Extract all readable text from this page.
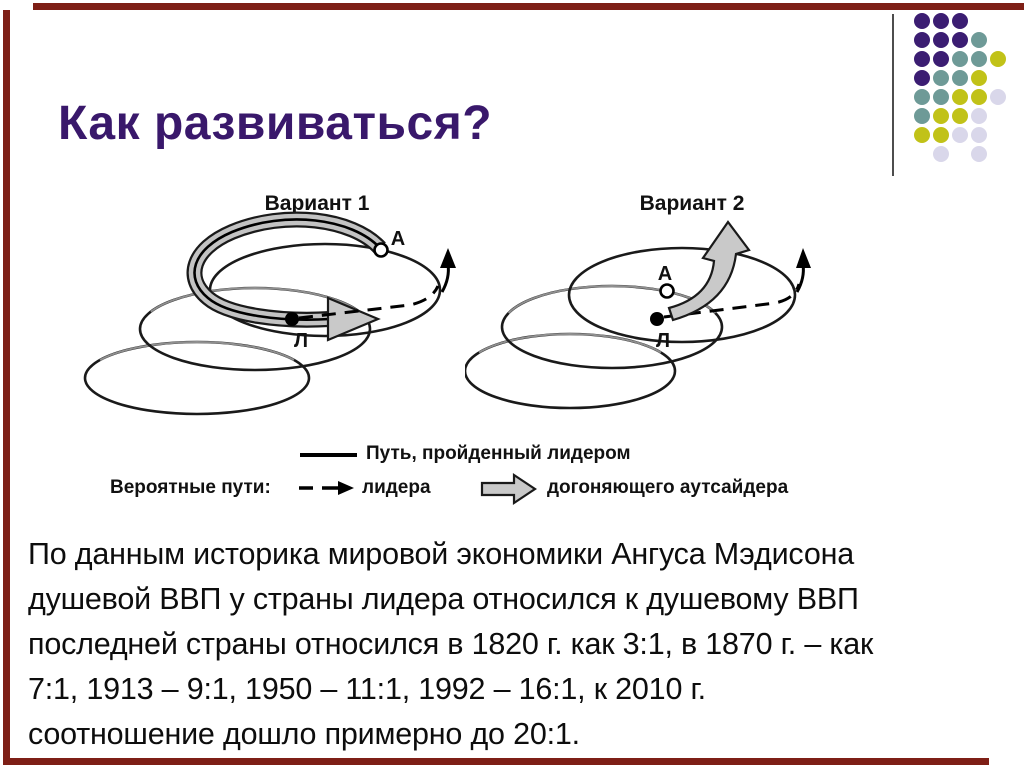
Как развиваться?
Вариант 1
A
Л
Вариант 2
A
Л
Путь, пройденный лидером
Вероятные пути:	лидера	догоняющего аутсайдера
По данным историка мировой экономики Ангуса Мэдисона
душевой ВВП у страны лидера относился к душевому ВВП
последней страны относился в 1820 г. как 3:1, в 1870 г. – как
7:1, 1913 – 9:1, 1950 – 11:1, 1992 – 16:1, к 2010 г.
соотношение дошло примерно до 20:1.
